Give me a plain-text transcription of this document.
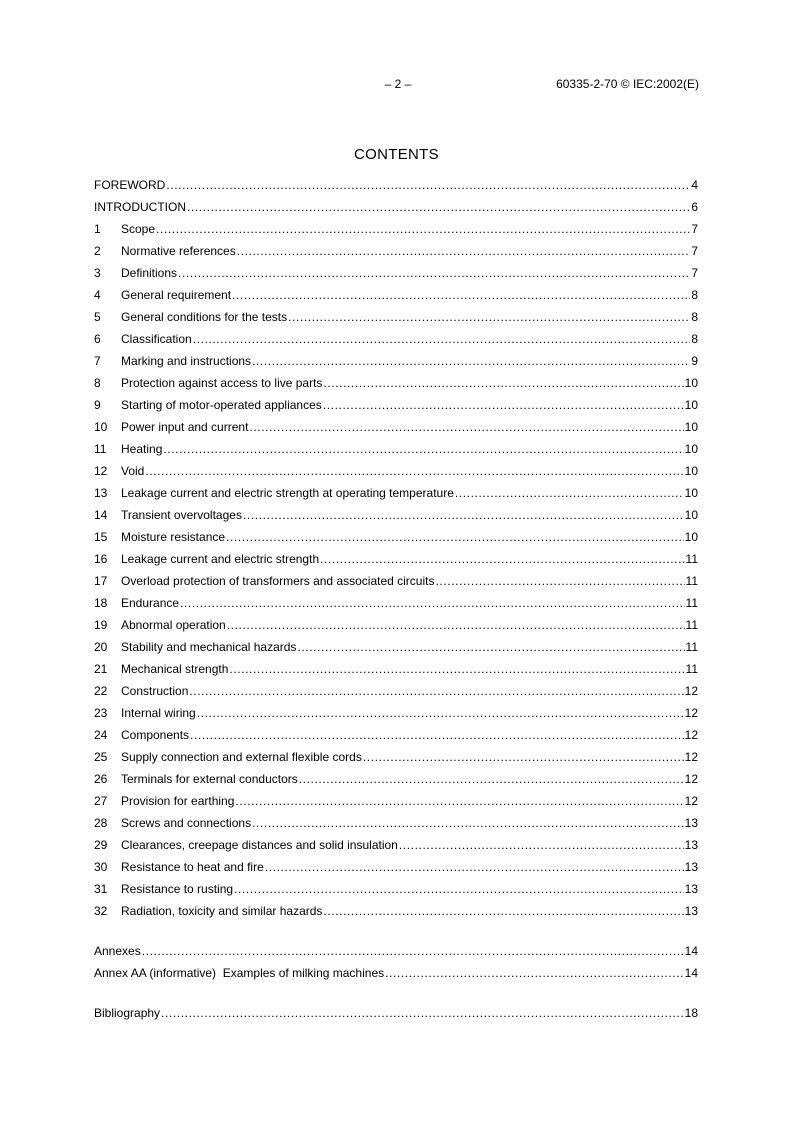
– 2 –	60335-2-70 © IEC:2002(E)
CONTENTS
FOREWORD .....	4
INTRODUCTION .....	6
1	Scope .....	7
2	Normative references .....	7
3	Definitions .....	7
4	General requirement .....	8
5	General conditions for the tests .....	8
6	Classification .....	8
7	Marking and instructions .....	9
8	Protection against access to live parts .....	10
9	Starting of motor-operated appliances .....	10
10	Power input and current .....	10
11	Heating .....	10
12	Void .....	10
13	Leakage current and electric strength at operating temperature .....	10
14	Transient overvoltages .....	10
15	Moisture resistance .....	10
16	Leakage current and electric strength .....	11
17	Overload protection of transformers and associated circuits .....	11
18	Endurance .....	11
19	Abnormal operation .....	11
20	Stability and mechanical hazards .....	11
21	Mechanical strength .....	11
22	Construction .....	12
23	Internal wiring .....	12
24	Components .....	12
25	Supply connection and external flexible cords .....	12
26	Terminals for external conductors .....	12
27	Provision for earthing .....	12
28	Screws and connections .....	13
29	Clearances, creepage distances and solid insulation .....	13
30	Resistance to heat and fire .....	13
31	Resistance to rusting .....	13
32	Radiation, toxicity and similar hazards .....	13
Annexes .....	14
Annex AA (informative)  Examples of milking machines .....	14
Bibliography .....	18
